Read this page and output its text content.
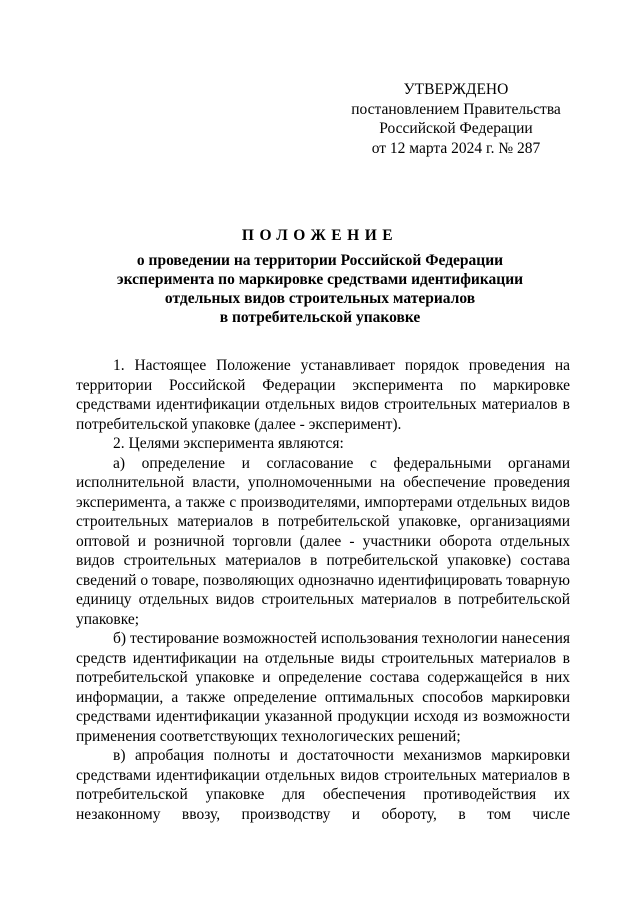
УТВЕРЖДЕНО
постановлением Правительства
Российской Федерации
от 12 марта 2024 г. № 287
ПОЛОЖЕНИЕ
о проведении на территории Российской Федерации
эксперимента по маркировке средствами идентификации
отдельных видов строительных материалов
в потребительской упаковке

1. Настоящее Положение устанавливает порядок проведения на территории Российской Федерации эксперимента по маркировке средствами идентификации отдельных видов строительных материалов в потребительской упаковке (далее - эксперимент).

2. Целями эксперимента являются:

а) определение и согласование с федеральными органами исполнительной власти, уполномоченными на обеспечение проведения эксперимента, а также с производителями, импортерами отдельных видов строительных материалов в потребительской упаковке, организациями оптовой и розничной торговли (далее - участники оборота отдельных видов строительных материалов в потребительской упаковке) состава сведений о товаре, позволяющих однозначно идентифицировать товарную единицу отдельных видов строительных материалов в потребительской упаковке;

б) тестирование возможностей использования технологии нанесения средств идентификации на отдельные виды строительных материалов в потребительской упаковке и определение состава содержащейся в них информации, а также определение оптимальных способов маркировки средствами идентификации указанной продукции исходя из возможности применения соответствующих технологических решений;

в) апробация полноты и достаточности механизмов маркировки средствами идентификации отдельных видов строительных материалов в потребительской упаковке для обеспечения противодействия их незаконному ввозу, производству и обороту, в том числе
